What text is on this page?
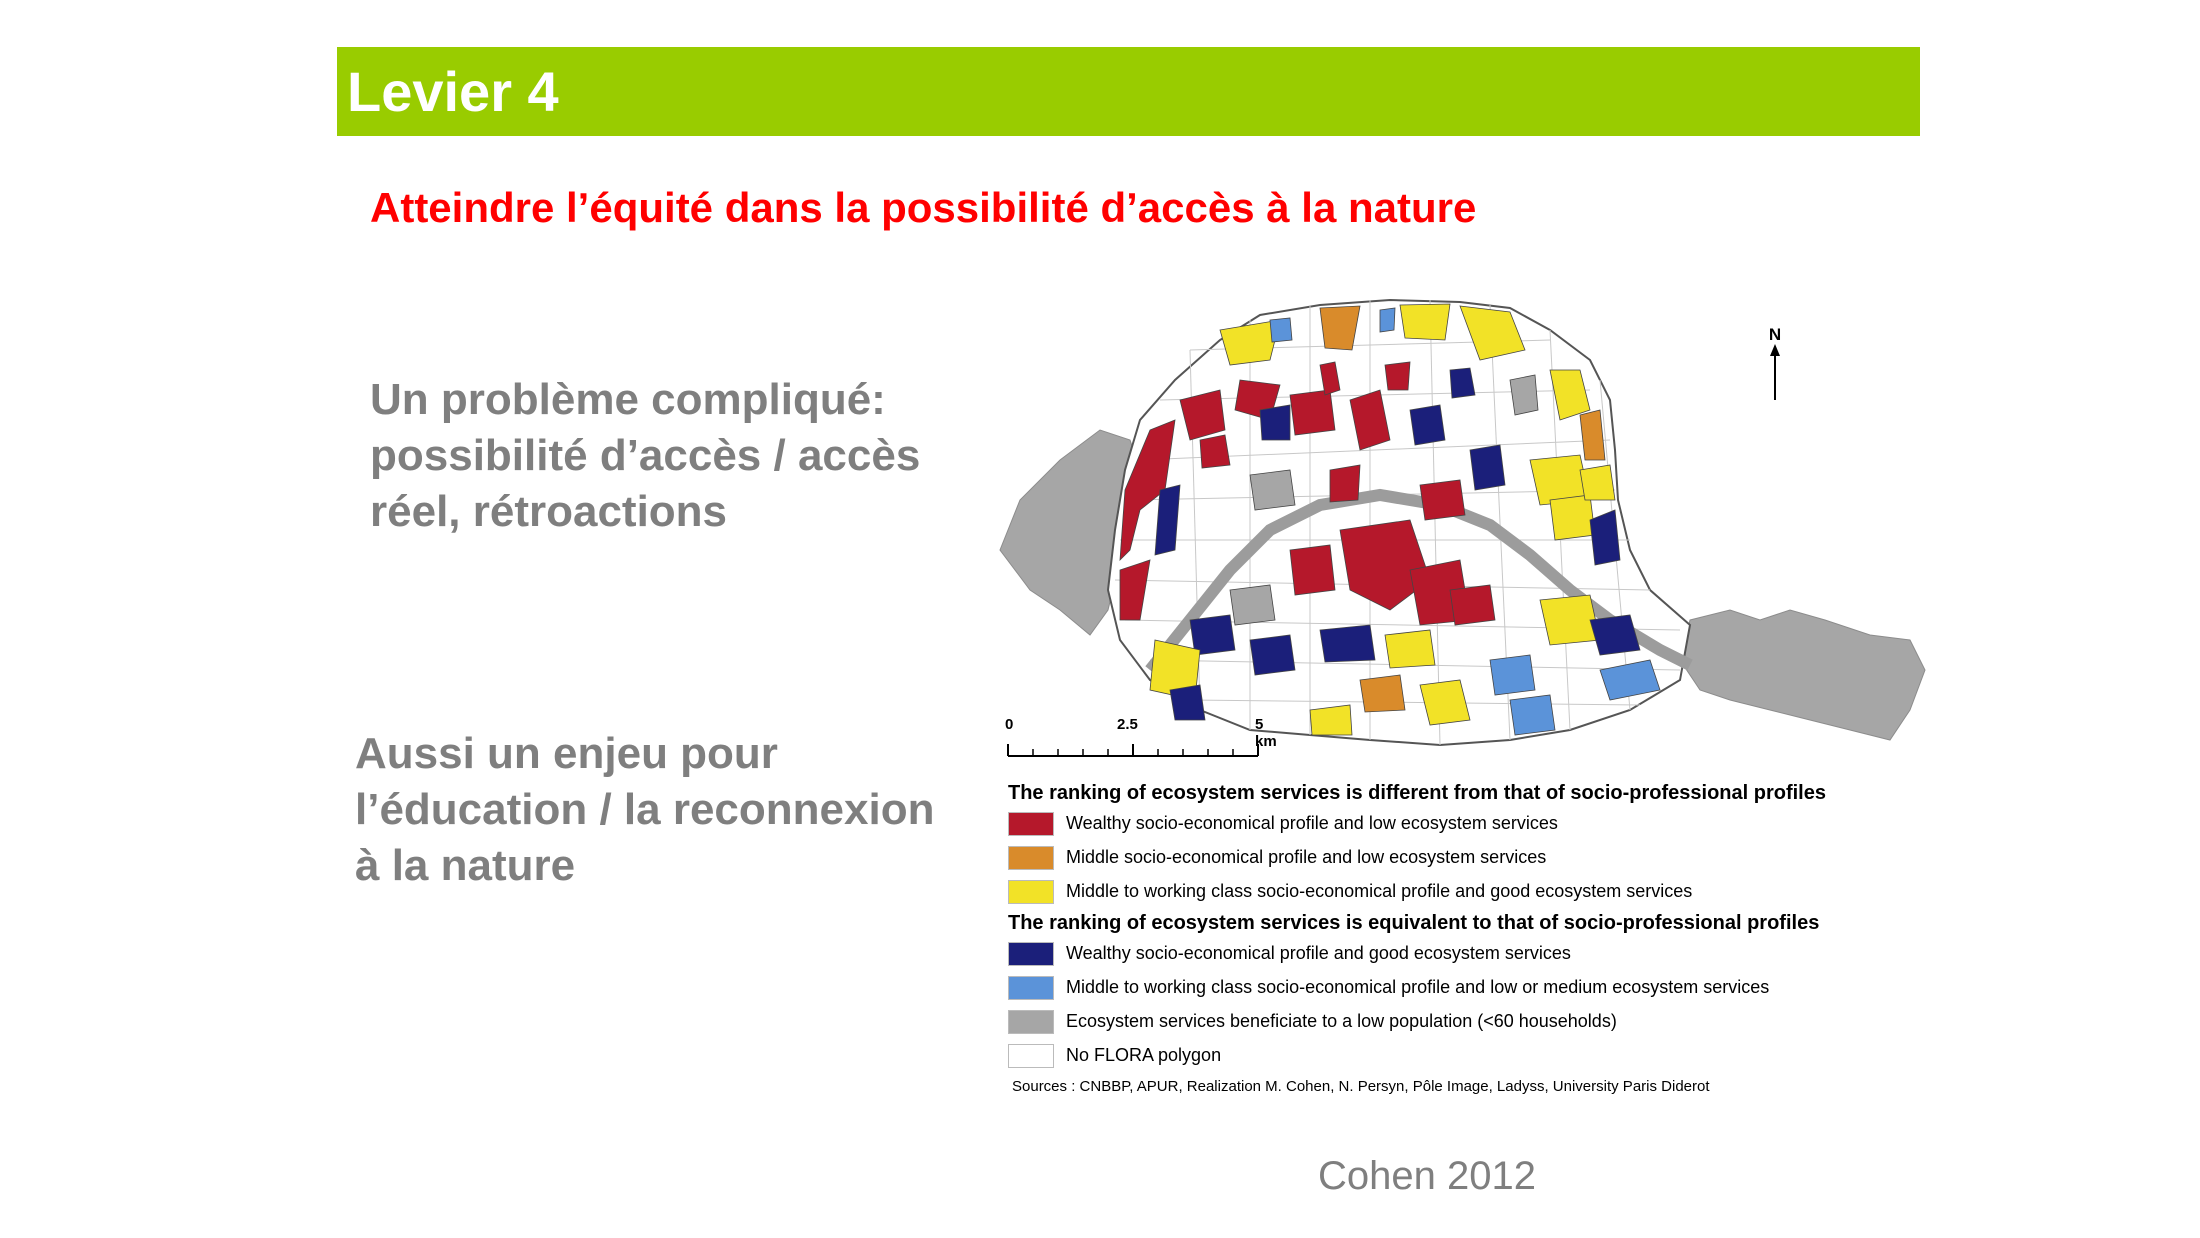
Levier 4
Atteindre l’équité dans la possibilité d’accès à la nature
Un problème compliqué: possibilité d’accès / accès réel, rétroactions
Aussi un enjeu pour l’éducation / la reconnexion à la nature
N
0	2.5	5 km
The ranking of ecosystem services is different from that of socio-professional profiles
Wealthy socio-economical profile and low ecosystem services
Middle socio-economical profile and low ecosystem services
Middle to working class socio-economical profile and good ecosystem services
The ranking of ecosystem services is equivalent to that of socio-professional profiles
Wealthy socio-economical profile and good ecosystem services
Middle to working class socio-economical profile and low or medium ecosystem services
Ecosystem services beneficiate to a low population (<60 households)
No FLORA polygon
Sources : CNBBP, APUR, Realization M. Cohen, N. Persyn, Pôle Image, Ladyss, University Paris Diderot
Cohen 2012
